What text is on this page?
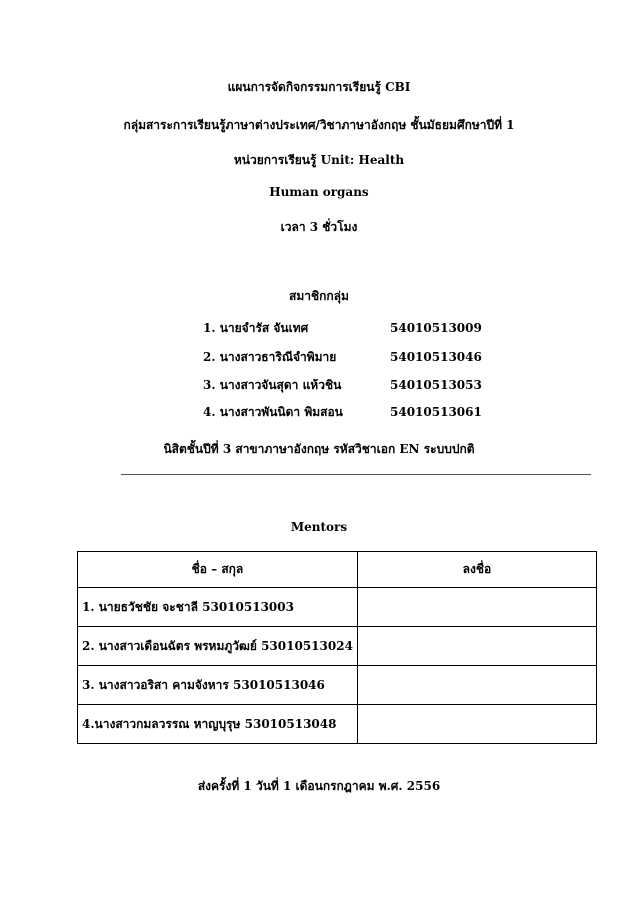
แผนการจัดกิจกรรมการเรียนรู้ CBI
กลุ่มสาระการเรียนรู้ภาษาต่างประเทศ/วิชาภาษาอังกฤษ ชั้นมัธยมศึกษาปีที่ 1
หน่วยการเรียนรู้ Unit: Health
Human organs
เวลา 3 ชั่วโมง
สมาชิกกลุ่ม
1. นายจำรัส จันเทศ	54010513009
2. นางสาวธาริณีจำพิมาย	54010513046
3. นางสาวจันสุดา แห้วชิน	54010513053
4. นางสาวพันนิดา พิมสอน	54010513061
นิสิตชั้นปีที่ 3 สาขาภาษาอังกฤษ รหัสวิชาเอก EN ระบบปกติ
Mentors
ชื่อ – สกุล	ลงชื่อ
1. นายธวัชชัย จะชาลี 53010513003	
2. นางสาวเดือนฉัตร พรหมภูวัฒย์ 53010513024	
3. นางสาวอริสา คามจังหาร 53010513046	
4.นางสาวกมลวรรณ หาญบุรุษ 53010513048	
ส่งครั้งที่ 1 วันที่ 1 เดือนกรกฎาคม พ.ศ. 2556
